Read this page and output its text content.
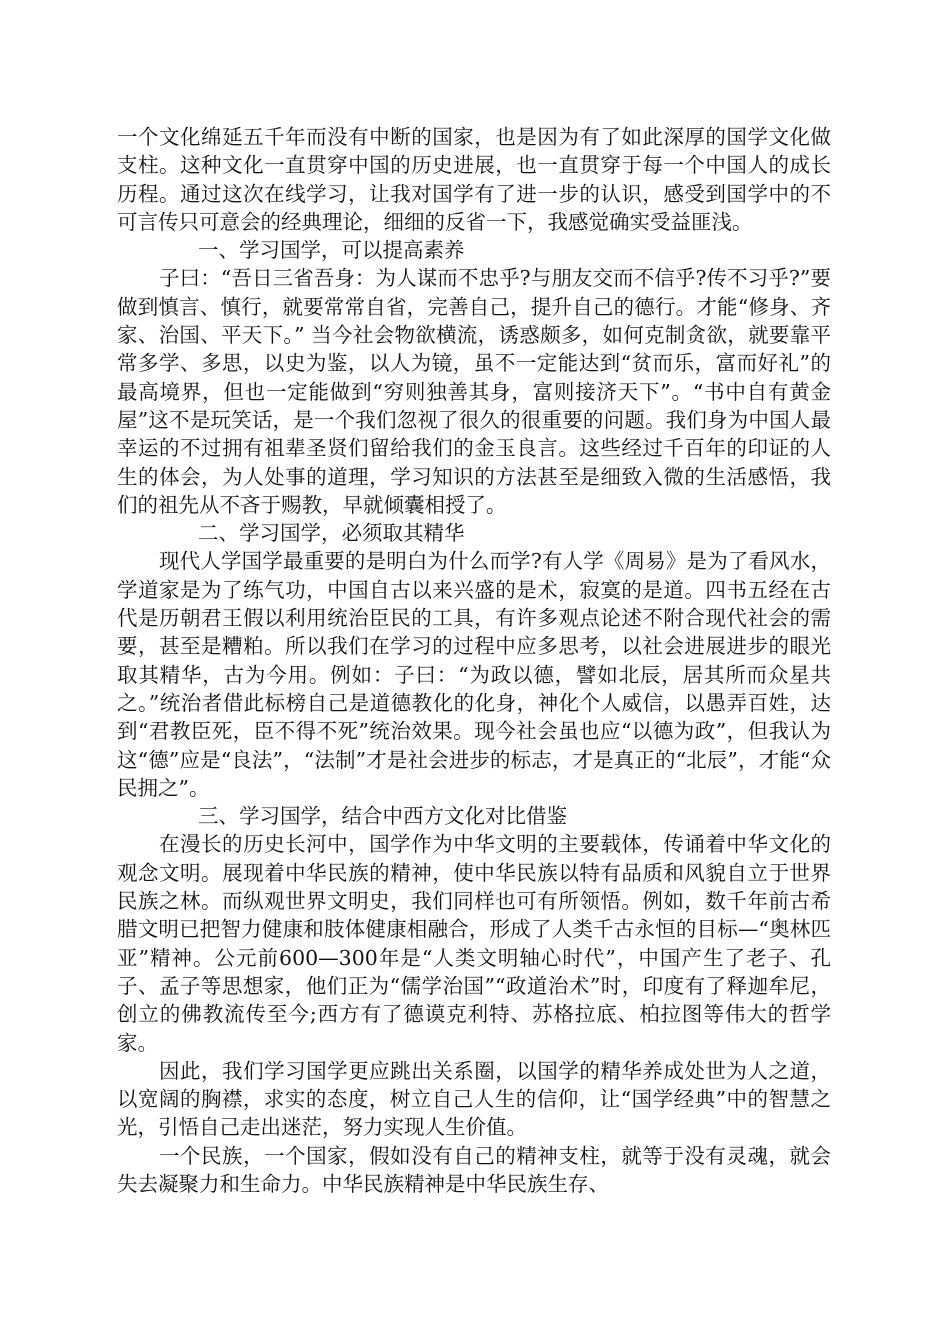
一个文化绵延五千年而没有中断的国家，也是因为有了如此深厚的国学文化做支柱。这种文化一直贯穿中国的历史进展，也一直贯穿于每一个中国人的成长历程。通过这次在线学习，让我对国学有了进一步的认识，感受到国学中的不可言传只可意会的经典理论，细细的反省一下，我感觉确实受益匪浅。

一、学习国学，可以提高素养

子曰：“吾日三省吾身：为人谋而不忠乎?与朋友交而不信乎?传不习乎?”要做到慎言、慎行，就要常常自省，完善自己，提升自己的德行。才能“修身、齐家、治国、平天下。” 当今社会物欲横流，诱惑颇多，如何克制贪欲，就要靠平常多学、多思，以史为鉴，以人为镜，虽不一定能达到“贫而乐，富而好礼”的最高境界，但也一定能做到“穷则独善其身，富则接济天下”。“书中自有黄金屋”这不是玩笑话，是一个我们忽视了很久的很重要的问题。我们身为中国人最幸运的不过拥有祖辈圣贤们留给我们的金玉良言。这些经过千百年的印证的人生的体会，为人处事的道理，学习知识的方法甚至是细致入微的生活感悟，我们的祖先从不吝于赐教，早就倾囊相授了。

二、学习国学，必须取其精华

现代人学国学最重要的是明白为什么而学?有人学《周易》是为了看风水，学道家是为了练气功，中国自古以来兴盛的是术，寂寞的是道。四书五经在古代是历朝君王假以利用统治臣民的工具，有许多观点论述不附合现代社会的需要，甚至是糟粕。所以我们在学习的过程中应多思考，以社会进展进步的眼光取其精华，古为今用。例如：子曰：“为政以德，譬如北辰，居其所而众星共之。”统治者借此标榜自己是道德教化的化身，神化个人威信，以愚弄百姓，达到“君教臣死，臣不得不死”统治效果。现今社会虽也应“以德为政”，但我认为这“德”应是“良法”，“法制”才是社会进步的标志，才是真正的“北辰”，才能“众民拥之”。

三、学习国学，结合中西方文化对比借鉴

在漫长的历史长河中，国学作为中华文明的主要载体，传诵着中华文化的观念文明。展现着中华民族的精神，使中华民族以特有品质和风貌自立于世界民族之林。而纵观世界文明史，我们同样也可有所领悟。例如，数千年前古希腊文明已把智力健康和肢体健康相融合，形成了人类千古永恒的目标—“奥林匹亚”精神。公元前600—300年是“人类文明轴心时代”，中国产生了老子、孔子、孟子等思想家，他们正为“儒学治国”“政道治术”时，印度有了释迦牟尼，创立的佛教流传至今;西方有了德谟克利特、苏格拉底、柏拉图等伟大的哲学家。

因此，我们学习国学更应跳出关系圈，以国学的精华养成处世为人之道，以宽阔的胸襟，求实的态度，树立自己人生的信仰，让“国学经典”中的智慧之光，引悟自己走出迷茫，努力实现人生价值。

一个民族，一个国家，假如没有自己的精神支柱，就等于没有灵魂，就会失去凝聚力和生命力。中华民族精神是中华民族生存、
